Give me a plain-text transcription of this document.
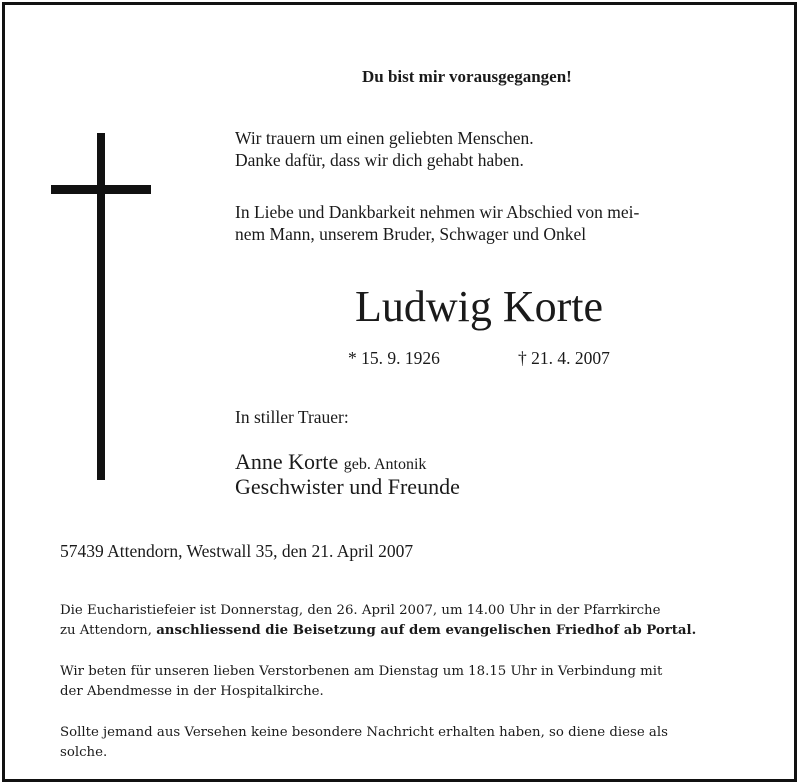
Du bist mir vorausgegangen!
Wir trauern um einen geliebten Menschen.
Danke dafür, dass wir dich gehabt haben.
In Liebe und Dankbarkeit nehmen wir Abschied von mei-
nem Mann, unserem Bruder, Schwager und Onkel
Ludwig Korte
* 15. 9. 1926	† 21. 4. 2007
In stiller Trauer:
Anne Korte geb. Antonik
Geschwister und Freunde
57439 Attendorn, Westwall 35, den 21. April 2007
Die Eucharistiefeier ist Donnerstag, den 26. April 2007, um 14.00 Uhr in der Pfarrkirche
zu Attendorn, anschliessend die Beisetzung auf dem evangelischen Friedhof ab Portal.
Wir beten für unseren lieben Verstorbenen am Dienstag um 18.15 Uhr in Verbindung mit
der Abendmesse in der Hospitalkirche.
Sollte jemand aus Versehen keine besondere Nachricht erhalten haben, so diene diese als
solche.
